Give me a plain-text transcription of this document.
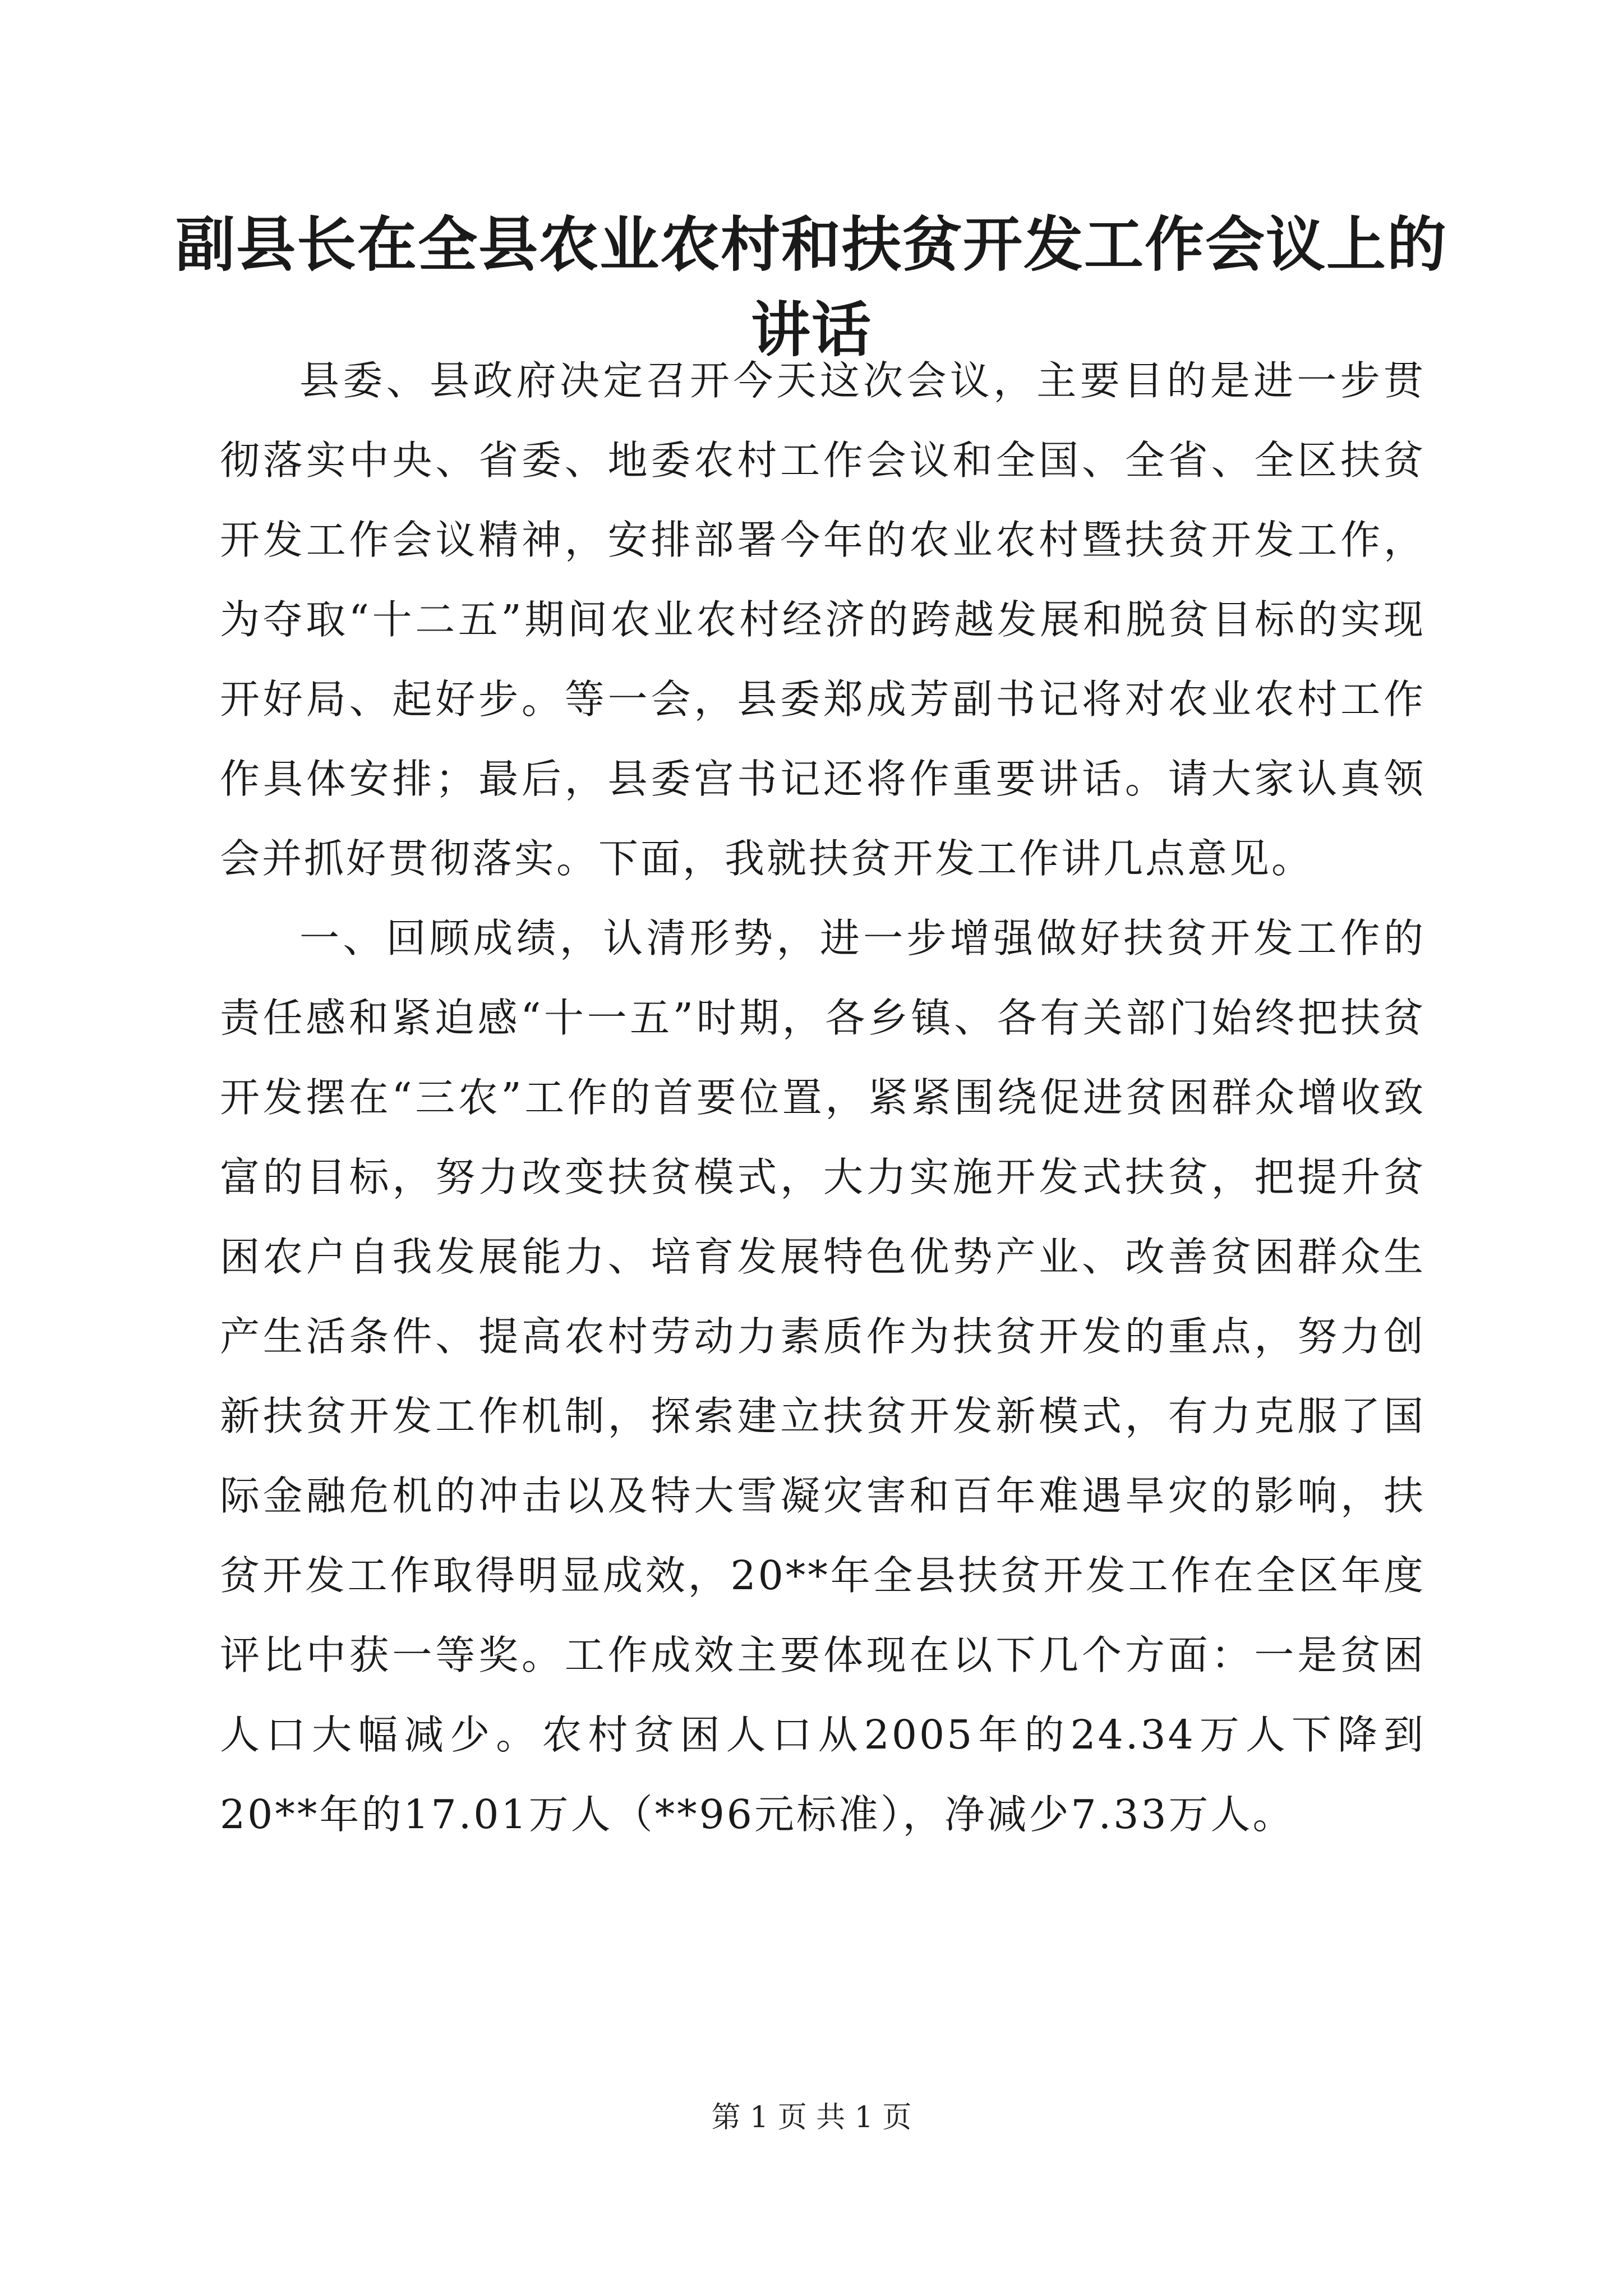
副县长在全县农业农村和扶贫开发工作会议上的讲话

县委、县政府决定召开今天这次会议，主要目的是进一步贯彻落实中央、省委、地委农村工作会议和全国、全省、全区扶贫开发工作会议精神，安排部署今年的农业农村暨扶贫开发工作，为夺取“十二五”期间农业农村经济的跨越发展和脱贫目标的实现开好局、起好步。等一会，县委郑成芳副书记将对农业农村工作作具体安排；最后，县委宫书记还将作重要讲话。请大家认真领会并抓好贯彻落实。下面，我就扶贫开发工作讲几点意见。

一、回顾成绩，认清形势，进一步增强做好扶贫开发工作的责任感和紧迫感“十一五”时期，各乡镇、各有关部门始终把扶贫开发摆在“三农”工作的首要位置，紧紧围绕促进贫困群众增收致富的目标，努力改变扶贫模式，大力实施开发式扶贫，把提升贫困农户自我发展能力、培育发展特色优势产业、改善贫困群众生产生活条件、提高农村劳动力素质作为扶贫开发的重点，努力创新扶贫开发工作机制，探索建立扶贫开发新模式，有力克服了国际金融危机的冲击以及特大雪凝灾害和百年难遇旱灾的影响，扶贫开发工作取得明显成效，20**年全县扶贫开发工作在全区年度评比中获一等奖。工作成效主要体现在以下几个方面：一是贫困人口大幅减少。农村贫困人口从2005年的24.34万人下降到20**年的17.01万人（**96元标准），净减少7.33万人。

第 1 页 共 1 页
